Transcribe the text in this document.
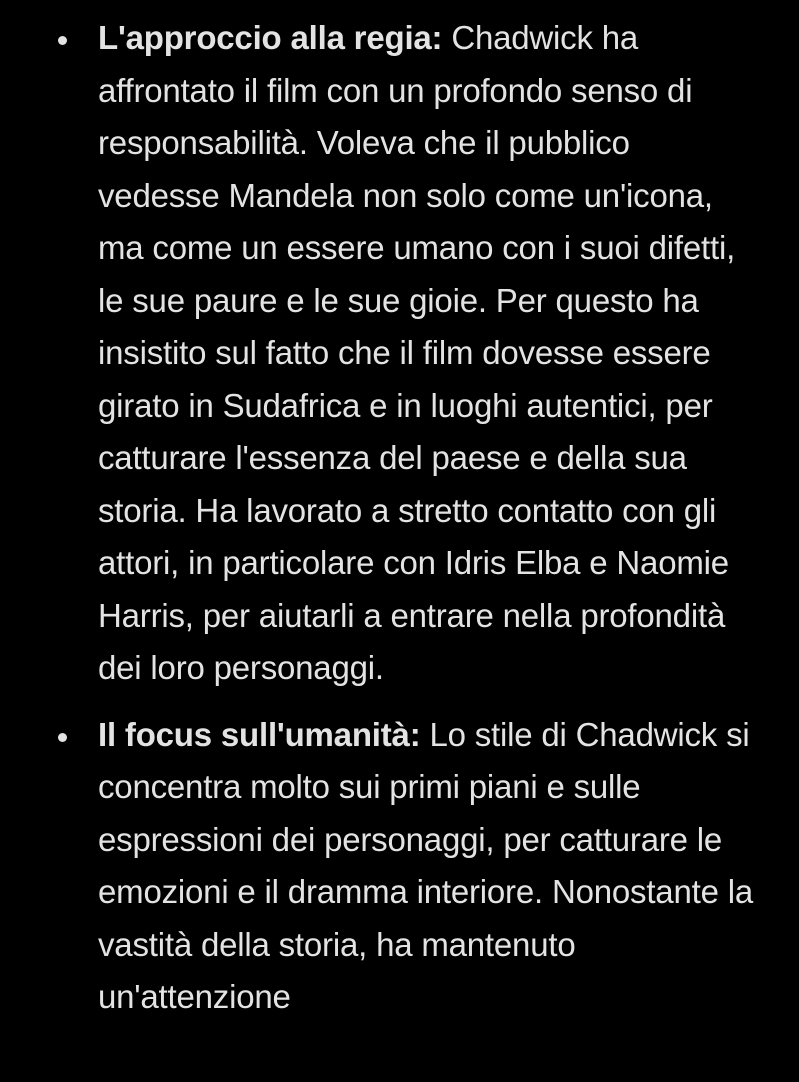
L'approccio alla regia: Chadwick ha affrontato il film con un profondo senso di responsabilità. Voleva che il pubblico vedesse Mandela non solo come un'icona, ma come un essere umano con i suoi difetti, le sue paure e le sue gioie. Per questo ha insistito sul fatto che il film dovesse essere girato in Sudafrica e in luoghi autentici, per catturare l'essenza del paese e della sua storia. Ha lavorato a stretto contatto con gli attori, in particolare con Idris Elba e Naomie Harris, per aiutarli a entrare nella profondità dei loro personaggi.
Il focus sull'umanità: Lo stile di Chadwick si concentra molto sui primi piani e sulle espressioni dei personaggi, per catturare le emozioni e il dramma interiore. Nonostante la vastità della storia, ha mantenuto un'attenzione
